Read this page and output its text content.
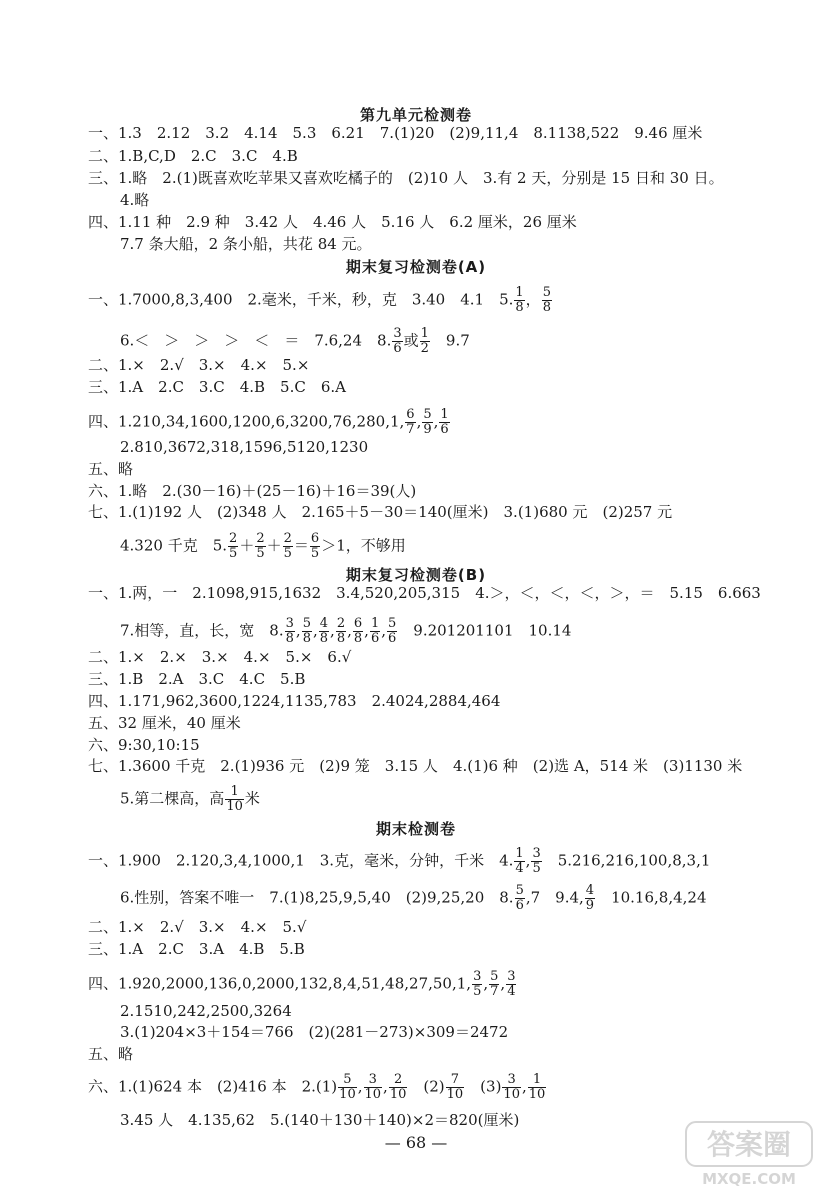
第九单元检测卷
一、1.3　2.12　3.2　4.14　5.3　6.21　7.(1)20　(2)9,11,4　8.1138,522　9.46 厘米
二、1.B,C,D　2.C　3.C　4.B
三、1.略　2.(1)既喜欢吃苹果又喜欢吃橘子的　(2)10 人　3.有 2 天，分别是 15 日和 30 日。
4.略
四、1.11 种　2.9 种　3.42 人　4.46 人　5.16 人　6.2 厘米，26 厘米
7.7 条大船，2 条小船，共花 84 元。
期末复习检测卷(A)
一、1.7000,8,3,400　2.毫米，千米，秒，克　3.40　4.1　5. $\frac{1}{8}$ ， $\frac{5}{8}$
6.＜　＞　＞　＞　＜　＝　7.6,24　8. $\frac{3}{6}$ 或 $\frac{1}{2}$ 　9.7
二、1.×　2.√　3.×　4.×　5.×
三、1.A　2.C　3.C　4.B　5.C　6.A
四、1.210,34,1600,1200,6,3200,76,280,1, $\frac{6}{7}$ , $\frac{5}{9}$ , $\frac{1}{6}$
2.810,3672,318,1596,5120,1230
五、略
六、1.略　2.(30－16)＋(25－16)＋16＝39(人)
七、1.(1)192 人　(2)348 人　2.165＋5－30＝140(厘米)　3.(1)680 元　(2)257 元
4.320 千克　5. $\frac{2}{5} + \frac{2}{5} + \frac{2}{5} = \frac{6}{5} >1$，不够用
期末复习检测卷(B)
一、1.两，一　2.1098,915,1632　3.4,520,205,315　4.＞，＜，＜，＜，＞，＝　5.15　6.663
7.相等，直，长，宽　8. $\frac{3}{8}$ , $\frac{5}{8}$ , $\frac{4}{8}$ , $\frac{2}{8}$ , $\frac{6}{8}$ , $\frac{1}{6}$ , $\frac{5}{6}$ 　9.201201101　10.14
二、1.×　2.×　3.×　4.×　5.×　6.√
三、1.B　2.A　3.C　4.C　5.B
四、1.171,962,3600,1224,1135,783　2.4024,2884,464
五、32 厘米，40 厘米
六、9:30,10:15
七、1.3600 千克　2.(1)936 元　(2)9 笼　3.15 人　4.(1)6 种　(2)选 A，514 米　(3)1130 米
5.第二棵高，高 $\frac{1}{10}$ 米
期末检测卷
一、1.900　2.120,3,4,1000,1　3.克，毫米，分钟，千米　4. $\frac{1}{4}$ , $\frac{3}{5}$ 　5.216,216,100,8,3,1
6.性别，答案不唯一　7.(1)8,25,9,5,40　(2)9,25,20　8. $\frac{5}{6} ,7$　9.4, $\frac{4}{9}$ 　10.16,8,4,24
二、1.×　2.√　3.×　4.×　5.√
三、1.A　2.C　3.A　4.B　5.B
四、1.920,2000,136,0,2000,132,8,4,51,48,27,50,1, $\frac{3}{5}$ , $\frac{5}{7}$ , $\frac{3}{4}$
2.1510,242,2500,3264
3.(1)204×3＋154＝766　(2)(281－273)×309＝2472
五、略
六、1.(1)624 本　(2)416 本　$2.(1) \frac{5}{10}$ , $\frac{3}{10}$ , $\frac{2}{10}$ 　$(2) \frac{7}{10}$ 　$(3) \frac{3}{10}$ , $\frac{1}{10}$
3.45 人　4.135,62　5.(140＋130＋140)×2＝820(厘米)
— 68 —	答案圈
MXQE.COM
